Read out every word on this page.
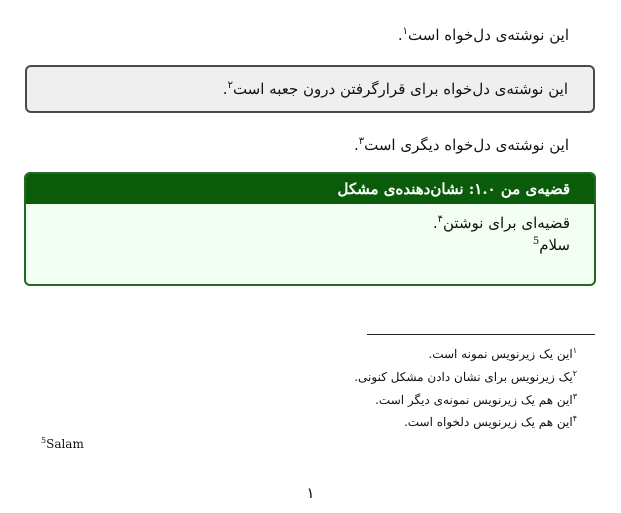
این نوشته‌ی دل‌خواه است$^۱$.
این نوشته‌ی دل‌خواه برای قرارگرفتن درون جعبه است$^۲$.
این نوشته‌ی دل‌خواه دیگری است$^۳$.
قضیه‌ی من ۱.۰: نشان‌دهنده‌ی مشکل
قضیه‌ای برای نوشتن$^۴$.
سلام$^5$
$^۱$این یک زیرنویس نمونه است.
$^۲$یک زیرنویس برای نشان دادن مشکل کنونی.
$^۳$این هم یک زیرنویس نمونه‌ی دیگر است.
$^۴$این هم یک زیرنویس دلخواه است.
$^5$Salam
۱
